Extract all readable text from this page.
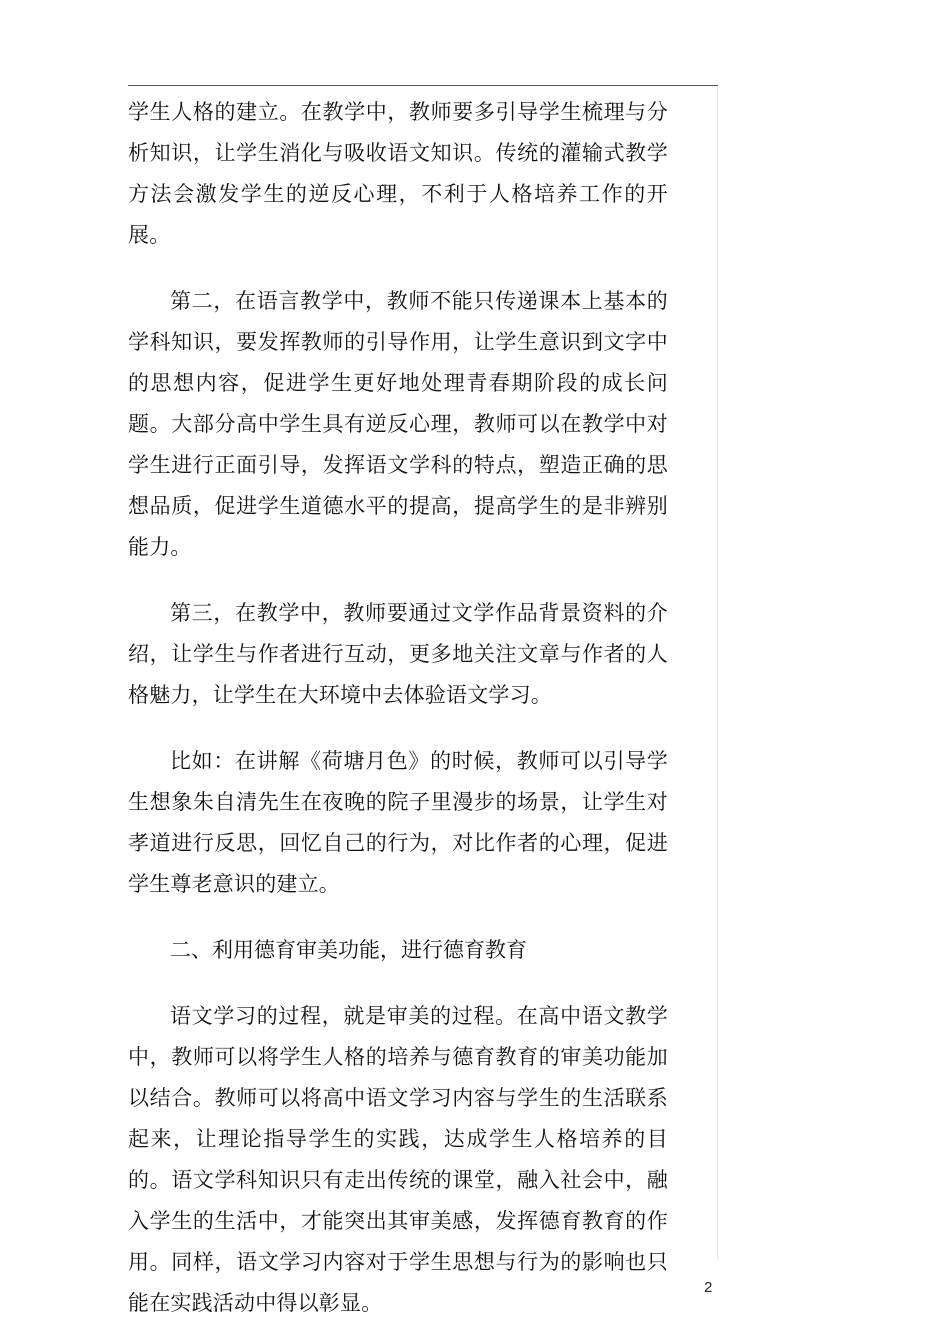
学生人格的建立。在教学中，教师要多引导学生梳理与分析知识，让学生消化与吸收语文知识。传统的灌输式教学方法会激发学生的逆反心理，不利于人格培养工作的开展。

第二，在语言教学中，教师不能只传递课本上基本的学科知识，要发挥教师的引导作用，让学生意识到文字中的思想内容，促进学生更好地处理青春期阶段的成长问题。大部分高中学生具有逆反心理，教师可以在教学中对学生进行正面引导，发挥语文学科的特点，塑造正确的思想品质，促进学生道德水平的提高，提高学生的是非辨别能力。

第三，在教学中，教师要通过文学作品背景资料的介绍，让学生与作者进行互动，更多地关注文章与作者的人格魅力，让学生在大环境中去体验语文学习。

比如：在讲解《荷塘月色》的时候，教师可以引导学生想象朱自清先生在夜晚的院子里漫步的场景，让学生对孝道进行反思，回忆自己的行为，对比作者的心理，促进学生尊老意识的建立。

二、利用德育审美功能，进行德育教育

语文学习的过程，就是审美的过程。在高中语文教学中，教师可以将学生人格的培养与德育教育的审美功能加以结合。教师可以将高中语文学习内容与学生的生活联系起来，让理论指导学生的实践，达成学生人格培养的目的。语文学科知识只有走出传统的课堂，融入社会中，融入学生的生活中，才能突出其审美感，发挥德育教育的作用。同样，语文学习内容对于学生思想与行为的影响也只能在实践活动中得以彰显。

2
